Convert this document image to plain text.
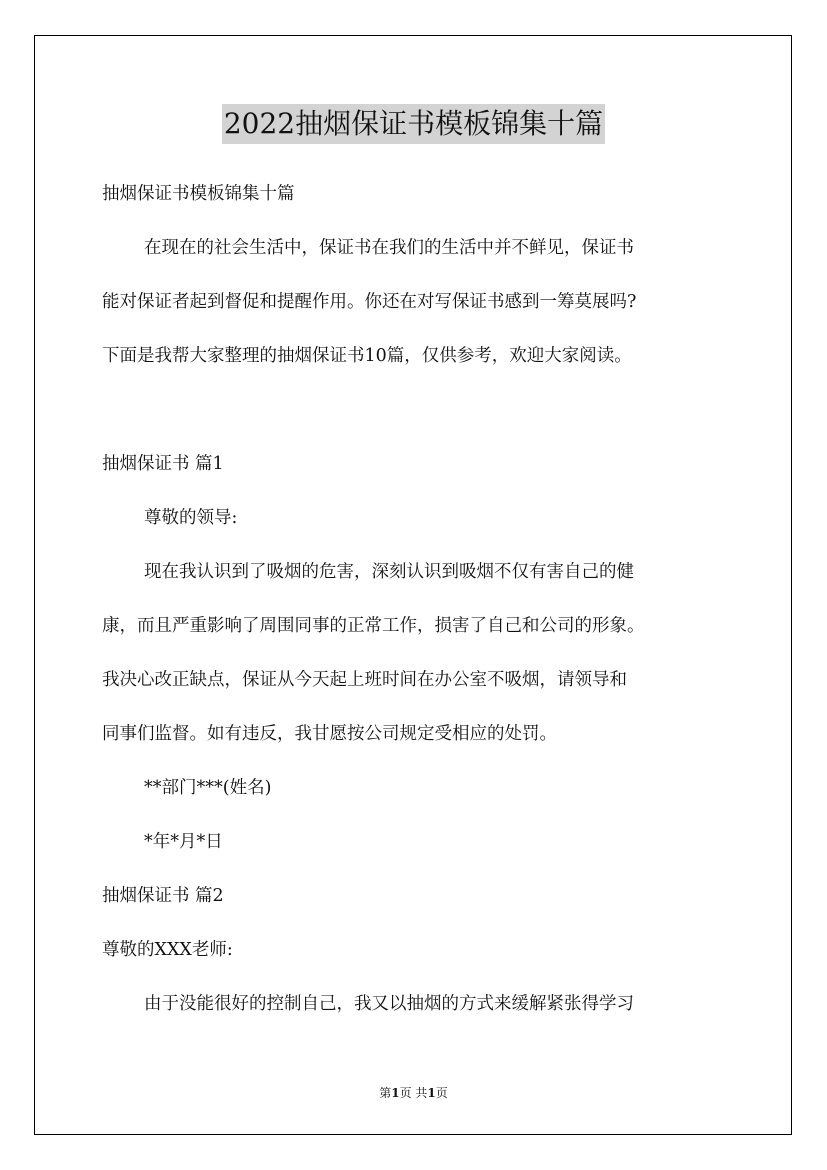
2022抽烟保证书模板锦集十篇
抽烟保证书模板锦集十篇
在现在的社会生活中，保证书在我们的生活中并不鲜见，保证书
能对保证者起到督促和提醒作用。你还在对写保证书感到一筹莫展吗?
下面是我帮大家整理的抽烟保证书10篇，仅供参考，欢迎大家阅读。
抽烟保证书 篇1
尊敬的领导:
现在我认识到了吸烟的危害，深刻认识到吸烟不仅有害自己的健
康，而且严重影响了周围同事的正常工作，损害了自己和公司的形象。
我决心改正缺点，保证从今天起上班时间在办公室不吸烟，请领导和
同事们监督。如有违反，我甘愿按公司规定受相应的处罚。
**部门***(姓名)
*年*月*日
抽烟保证书 篇2
尊敬的XXX老师:
由于没能很好的控制自己，我又以抽烟的方式来缓解紧张得学习
第1页 共1页
